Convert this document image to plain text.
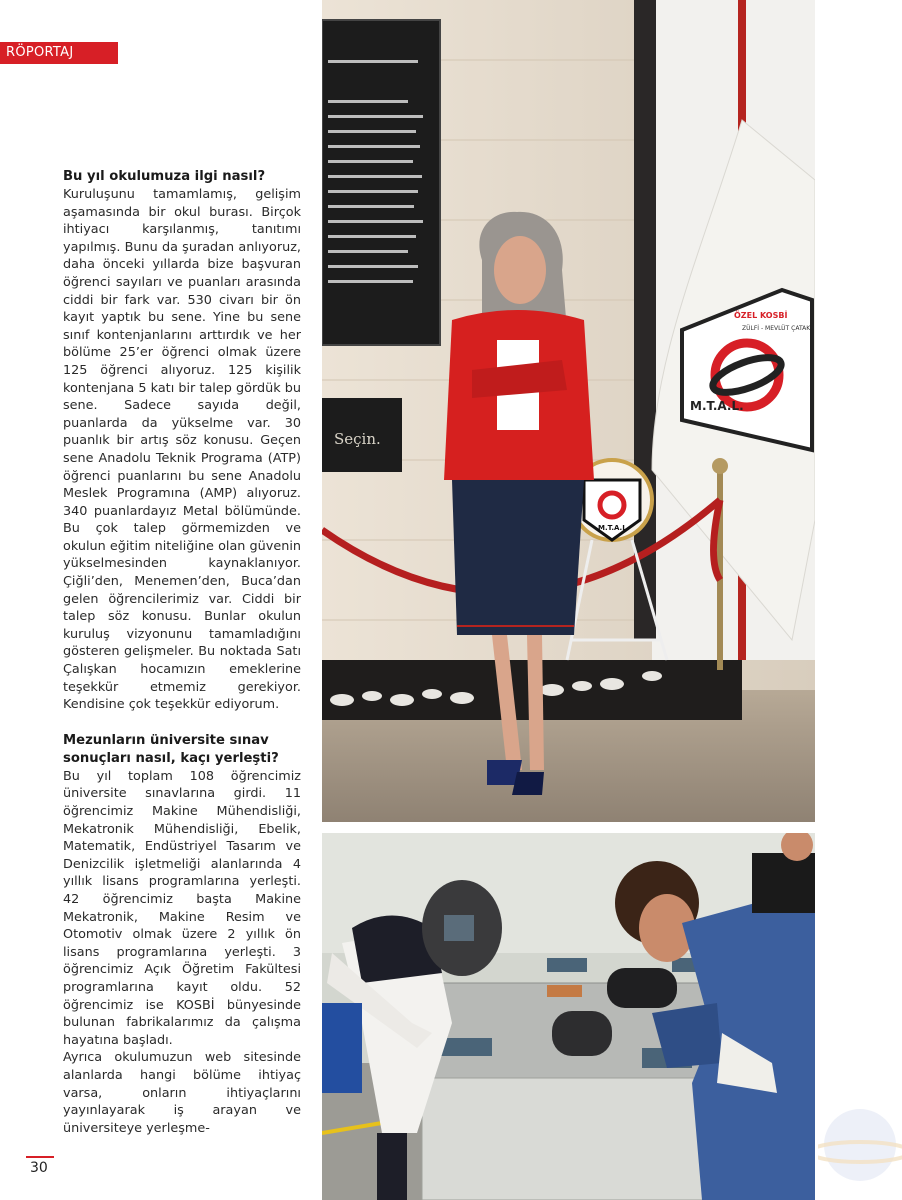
RÖPORTAJ
Bu yıl okulumuza ilgi nasıl?

Kuruluşunu tamamlamış, gelişim aşamasında bir okul burası. Birçok ihtiyacı karşılanmış, tanıtımı yapılmış. Bunu da şuradan anlıyoruz, daha önceki yıllarda bize başvuran öğrenci sayıları ve puanları arasında ciddi bir fark var. 530 civarı bir ön kayıt yaptık bu sene. Yine bu sene sınıf kontenjanlarını arttırdık ve her bölüme 25’er öğrenci olmak üzere 125 öğrenci alıyoruz. 125 kişilik kontenjana 5 katı bir talep gördük bu sene. Sadece sayıda değil, puanlarda da yükselme var. 30 puanlık bir artış söz konusu. Geçen sene Anadolu Teknik Programa (ATP) öğrenci puanlarını bu sene Anadolu Meslek Programına (AMP) alıyoruz. 340 puanlardayız Metal bölümünde. Bu çok talep görmemizden ve okulun eğitim niteliğine olan güvenin yükselmesinden kaynaklanıyor. Çiğli’den, Menemen’den, Buca’dan gelen öğrencilerimiz var. Ciddi bir talep söz konusu. Bunlar okulun kuruluş vizyonunu tamamladığını gösteren gelişmeler. Bu noktada Satı Çalışkan hocamızın emeklerine teşekkür etmemiz gerekiyor. Kendisine çok teşekkür ediyorum.

Mezunların üniversite sınav sonuçları nasıl, kaçı yerleşti?

Bu yıl toplam 108 öğrencimiz üniversite sınavlarına girdi. 11 öğrencimiz Makine Mühendisliği, Mekatronik Mühendisliği, Ebelik, Matematik, Endüstriyel Tasarım ve Denizcilik işletmeliği alanlarında 4 yıllık lisans programlarına yerleşti. 42 öğrencimiz başta Makine Mekatronik, Makine Resim ve Otomotiv olmak üzere 2 yıllık ön lisans programlarına yerleşti. 3 öğrencimiz Açık Öğretim Fakültesi programlarına kayıt oldu. 52 öğrencimiz ise KOSBİ bünyesinde bulunan fabrikalarımız da çalışma hayatına başladı.

Ayrıca okulumuzun web sitesinde alanlarda hangi bölüme ihtiyaç varsa, onların ihtiyaçlarını yayınlayarak iş arayan ve üniversiteye yerleşme-

30
Seçin.
M.T.A.L.
ÖZEL KOSBİ
ZÜLFİ - MEVLÜT ÇATAK
M.T.A.L.
